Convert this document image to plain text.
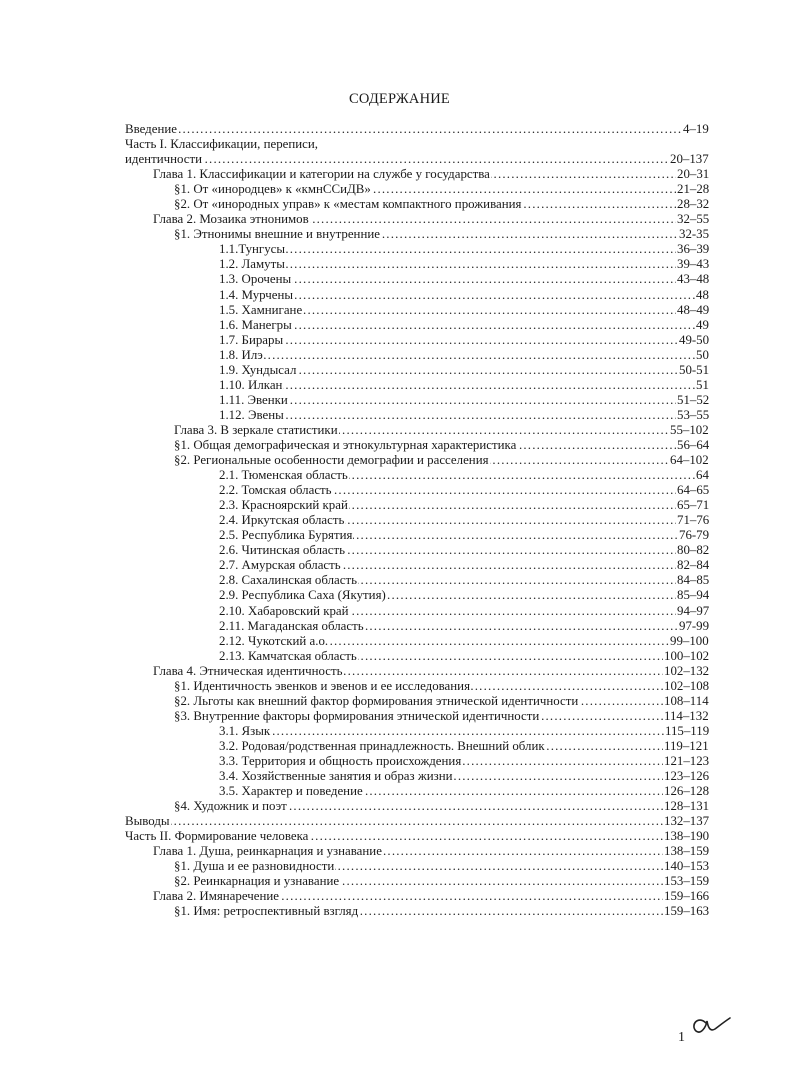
СОДЕРЖАНИЕ
.....
4–19
Введение
Часть I. Классификации, переписи,
.....
20–137
идентичности
.....
20–31
Глава 1. Классификации и категории на службе у государства
.....
21–28
§1. От «инородцев» к «кмнССиДВ»
.....
28–32
§2. От «инородных управ» к «местам компактного проживания
.....
32–55
Глава 2. Мозаика этнонимов
.....
32-35
§1. Этнонимы внешние и внутренние
.....
36–39
1.1.Тунгусы
.....
39–43
1.2. Ламуты
.....
43–48
1.3. Орочены
.....
48
1.4. Мурчены
.....
48–49
1.5. Хамнигане
.....
49
1.6. Манегры
.....
49-50
1.7. Бирары
.....
50
1.8. Илэ
.....
50-51
1.9. Хундысал
.....
51
1.10. Илкан
.....
51–52
1.11. Эвенки
.....
53–55
1.12. Эвены
.....
55–102
Глава 3. В зеркале статистики
.....
56–64
§1. Общая демографическая и этнокультурная характеристика
.....
64–102
§2. Региональные особенности демографии и расселения
.....
64
2.1. Тюменская область
.....
64–65
2.2. Томская область
.....
65–71
2.3. Красноярский край
.....
71–76
2.4. Иркутская область
.....
76-79
2.5. Республика Бурятия
.....
80–82
2.6. Читинская область
.....
82–84
2.7. Амурская область
.....
84–85
2.8. Сахалинская область
.....
85–94
2.9. Республика Саха (Якутия)
.....
94–97
2.10. Хабаровский край
.....
97-99
2.11. Магаданская область
.....
99–100
2.12. Чукотский а.о.
.....
100–102
2.13. Камчатская область
.....
102–132
Глава 4. Этническая идентичность
.....
102–108
§1. Идентичность эвенков и эвенов и ее исследования
.....
108–114
§2. Льготы как внешний фактор формирования этнической идентичности
.....
114–132
§3. Внутренние факторы формирования этнической идентичности
.....
115–119
3.1. Язык
.....
119–121
3.2. Родовая/родственная принадлежность. Внешний облик
.....
121–123
3.3. Территория и общность происхождения
.....
123–126
3.4. Хозяйственные занятия и образ жизни
.....
126–128
3.5. Характер и поведение
.....
128–131
§4. Художник и поэт
.....
132–137
Выводы
.....
138–190
Часть II. Формирование человека
.....
138–159
Глава 1. Душа, реинкарнация и узнавание
.....
140–153
§1. Душа и ее разновидности
.....
153–159
§2. Реинкарнация и узнавание
.....
159–166
Глава 2. Имянаречение
.....
159–163
§1. Имя: ретроспективный взгляд
1
